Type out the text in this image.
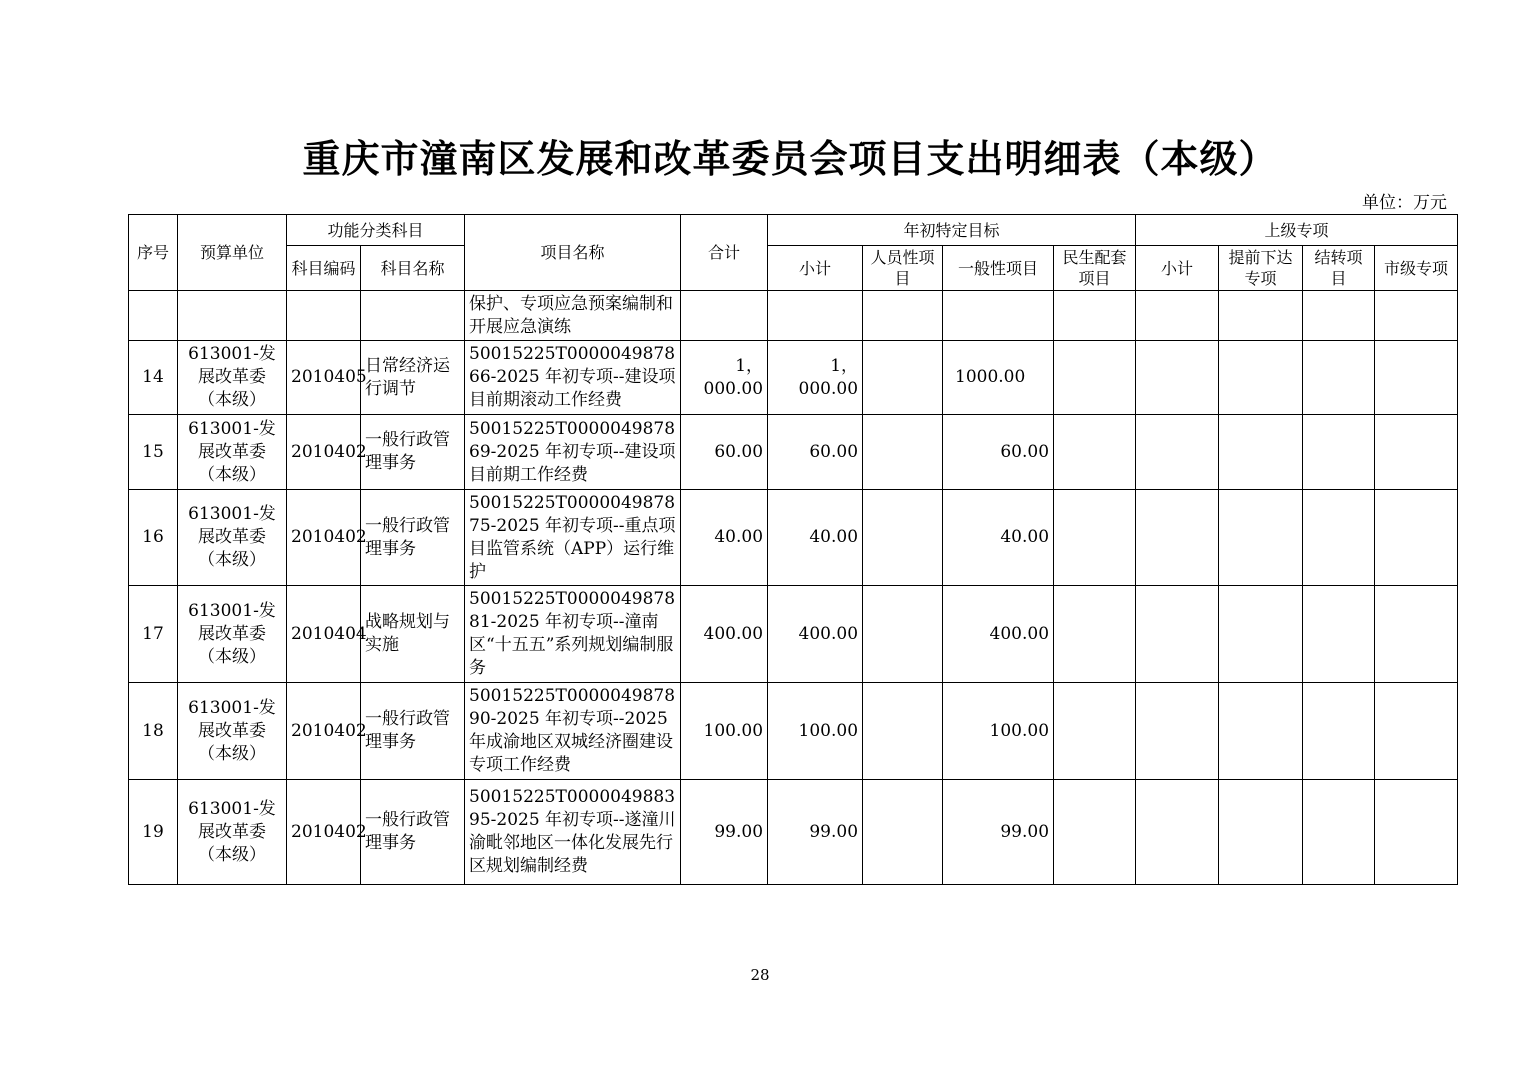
重庆市潼南区发展和改革委员会项目支出明细表（本级）
单位：万元
序号	预算单位	功能分类科目		项目名称	合计	年初特定目标				上级专项			
		科目编码	科目名称			小计	人员性项目	一般性项目	民生配套项目	小计	提前下达专项	结转项目	市级专项
				保护、专项应急预案编制和开展应急演练									
14	613001-发展改革委（本级）	2010405	日常经济运行调节	50015225T000004987866-2025 年初专项--建设项目前期滚动工作经费	1，000.00	1，000.00		1000.00					
15	613001-发展改革委（本级）	2010402	一般行政管理事务	50015225T000004987869-2025 年初专项--建设项目前期工作经费	60.00	60.00		60.00					
16	613001-发展改革委（本级）	2010402	一般行政管理事务	50015225T000004987875-2025 年初专项--重点项目监管系统（APP）运行维护	40.00	40.00		40.00					
17	613001-发展改革委（本级）	2010404	战略规划与实施	50015225T000004987881-2025 年初专项--潼南区“十五五”系列规划编制服务	400.00	400.00		400.00					
18	613001-发展改革委（本级）	2010402	一般行政管理事务	50015225T000004987890-2025 年初专项--2025 年成渝地区双城经济圈建设专项工作经费	100.00	100.00		100.00					
19	613001-发展改革委（本级）	2010402	一般行政管理事务	50015225T000004988395-2025 年初专项--遂潼川渝毗邻地区一体化发展先行区规划编制经费	99.00	99.00		99.00					
28
